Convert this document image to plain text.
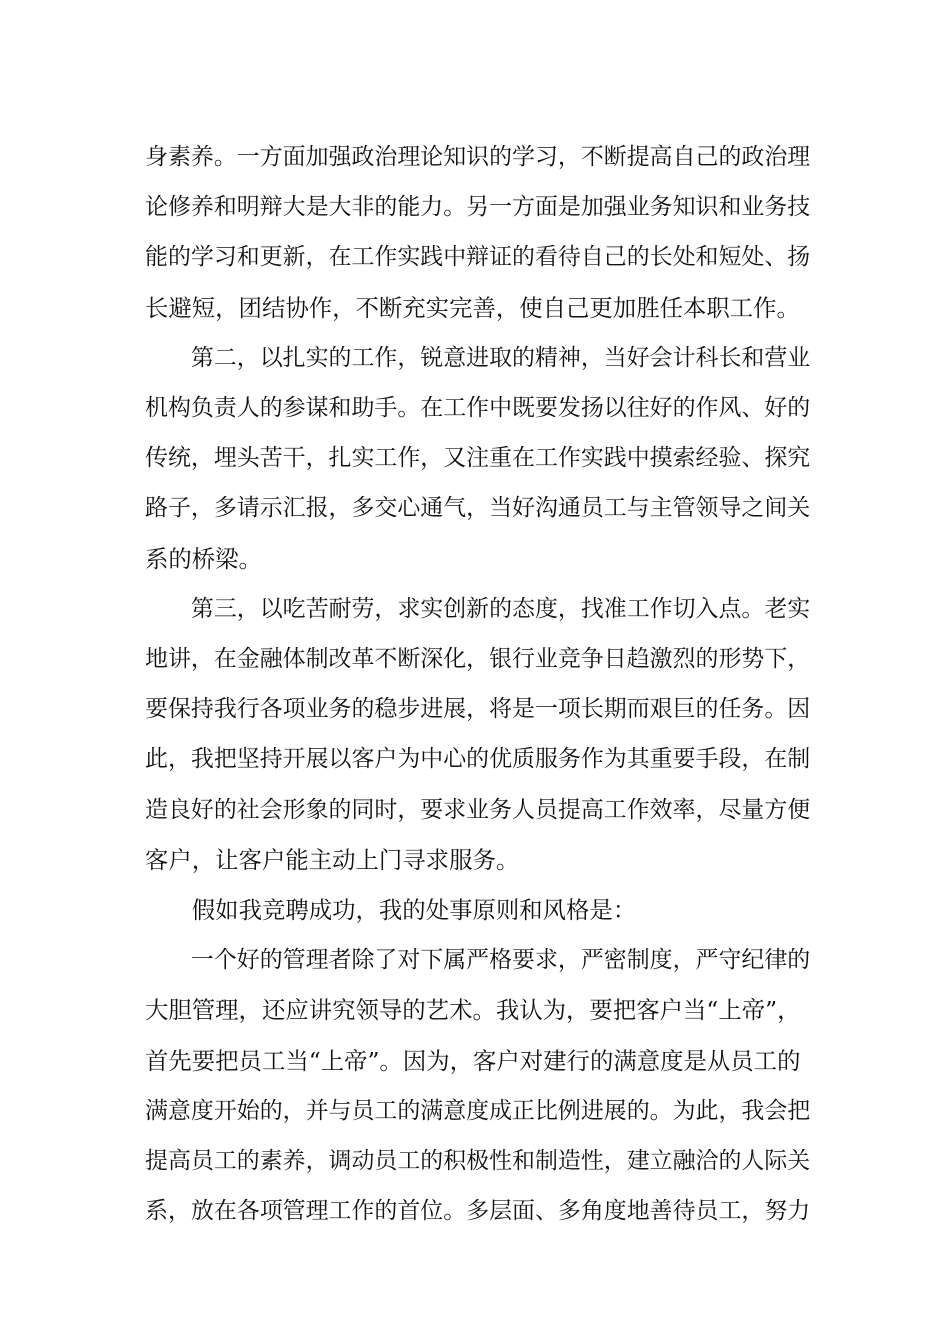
身素养。一方面加强政治理论知识的学习，不断提高自己的政治理

论修养和明辩大是大非的能力。另一方面是加强业务知识和业务技

能的学习和更新，在工作实践中辩证的看待自己的长处和短处、扬

长避短，团结协作，不断充实完善，使自己更加胜任本职工作。

第二，以扎实的工作，锐意进取的精神，当好会计科长和营业

机构负责人的参谋和助手。在工作中既要发扬以往好的作风、好的

传统，埋头苦干，扎实工作，又注重在工作实践中摸索经验、探究

路子，多请示汇报，多交心通气，当好沟通员工与主管领导之间关

系的桥梁。

第三，以吃苦耐劳，求实创新的态度，找准工作切入点。老实

地讲，在金融体制改革不断深化，银行业竞争日趋激烈的形势下，

要保持我行各项业务的稳步进展，将是一项长期而艰巨的任务。因

此，我把坚持开展以客户为中心的优质服务作为其重要手段，在制

造良好的社会形象的同时，要求业务人员提高工作效率，尽量方便

客户，让客户能主动上门寻求服务。

假如我竞聘成功，我的处事原则和风格是：

一个好的管理者除了对下属严格要求，严密制度，严守纪律的

大胆管理，还应讲究领导的艺术。我认为，要把客户当“上帝”，

首先要把员工当“上帝”。因为，客户对建行的满意度是从员工的

满意度开始的，并与员工的满意度成正比例进展的。为此，我会把

提高员工的素养，调动员工的积极性和制造性，建立融洽的人际关

系，放在各项管理工作的首位。多层面、多角度地善待员工，努力
